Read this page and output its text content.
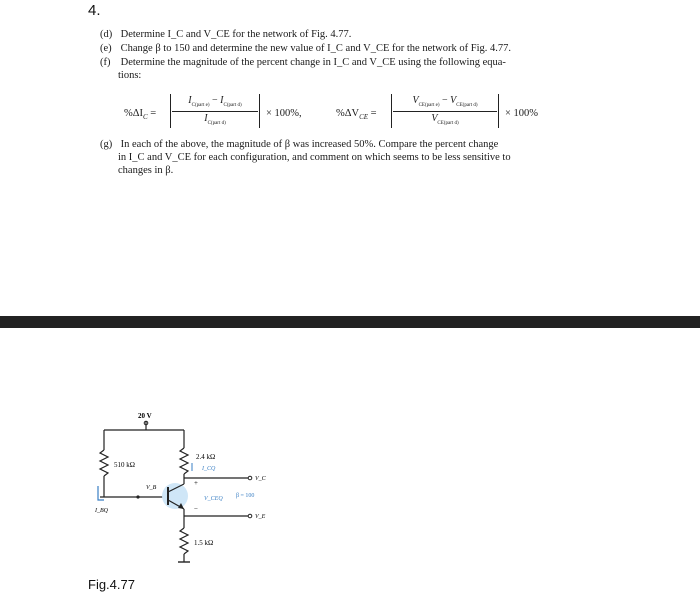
4.
(d) Determine I_C and V_CE for the network of Fig. 4.77.
(e) Change β to 150 and determine the new value of I_C and V_CE for the network of Fig. 4.77.
(f) Determine the magnitude of the percent change in I_C and V_CE using the following equa-
tions:
$\%\Delta I_C$ =
$I_{C(part e)} - I_{C(part d)}$
$I_{C(part d)}$
× 100%,	$\%\Delta V_{CE}$ =
$V_{CE(part e)} - V_{CE(part d)}$
$V_{CE(part d)}$
× 100%
(g) In each of the above, the magnitude of β was increased 50%. Compare the percent change
in I_C and V_CE for each configuration, and comment on which seems to be less sensitive to
changes in β.
20 V
510 kΩ
I_BQ
V_B
2.4 kΩ
I_CQ
V_C
+
V_CEQ
−
β = 100
V_E
1.5 kΩ
Fig.4.77
